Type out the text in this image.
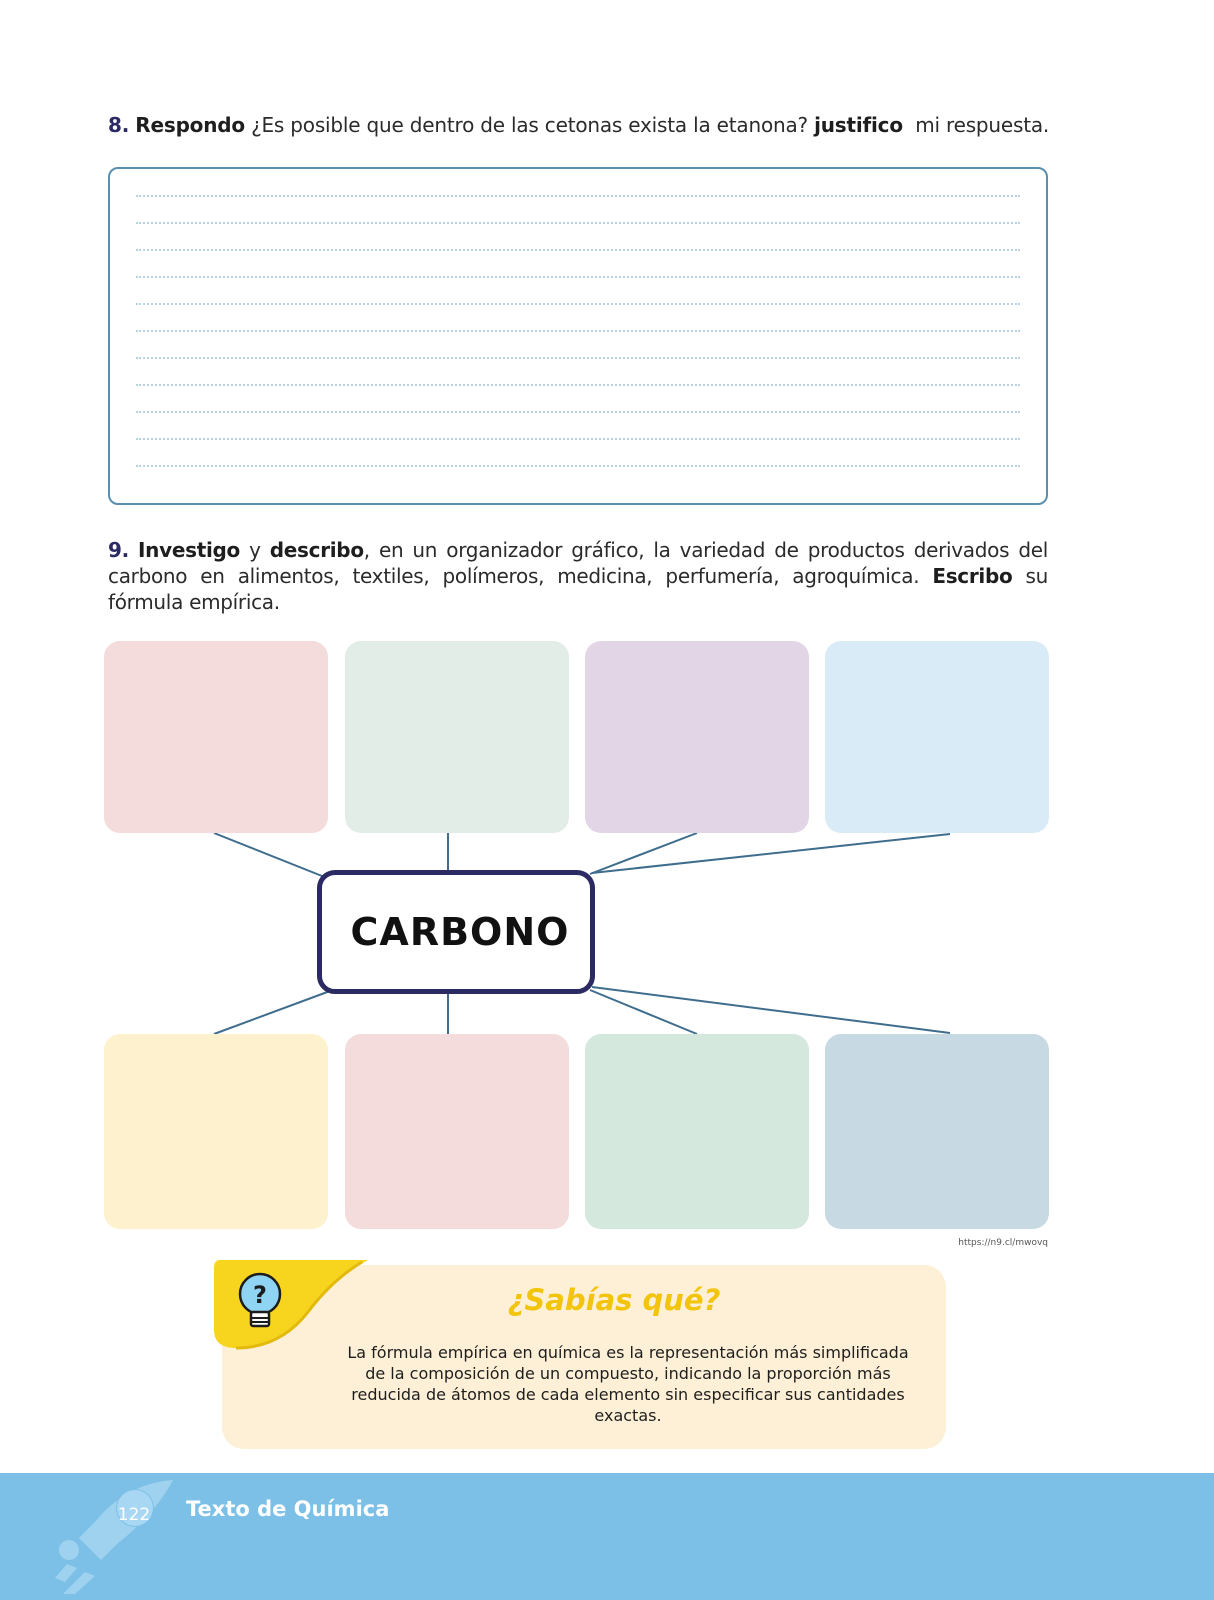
8. Respondo ¿Es posible que dentro de las cetonas exista la etanona? justifico  mi respuesta.
9. Investigo y describo, en un organizador gráfico, la variedad de productos derivados del carbono en alimentos, textiles, polímeros, medicina, perfumería, agroquímica. Escribo su fórmula empírica.
CARBONO
https://n9.cl/mwovq
¿Sabías qué?
La fórmula empírica en química es la representación más simplificada de la composición de un compuesto, indicando la proporción más reducida de átomos de cada elemento sin especificar sus cantidades exactas.
?
122 Texto de Química
